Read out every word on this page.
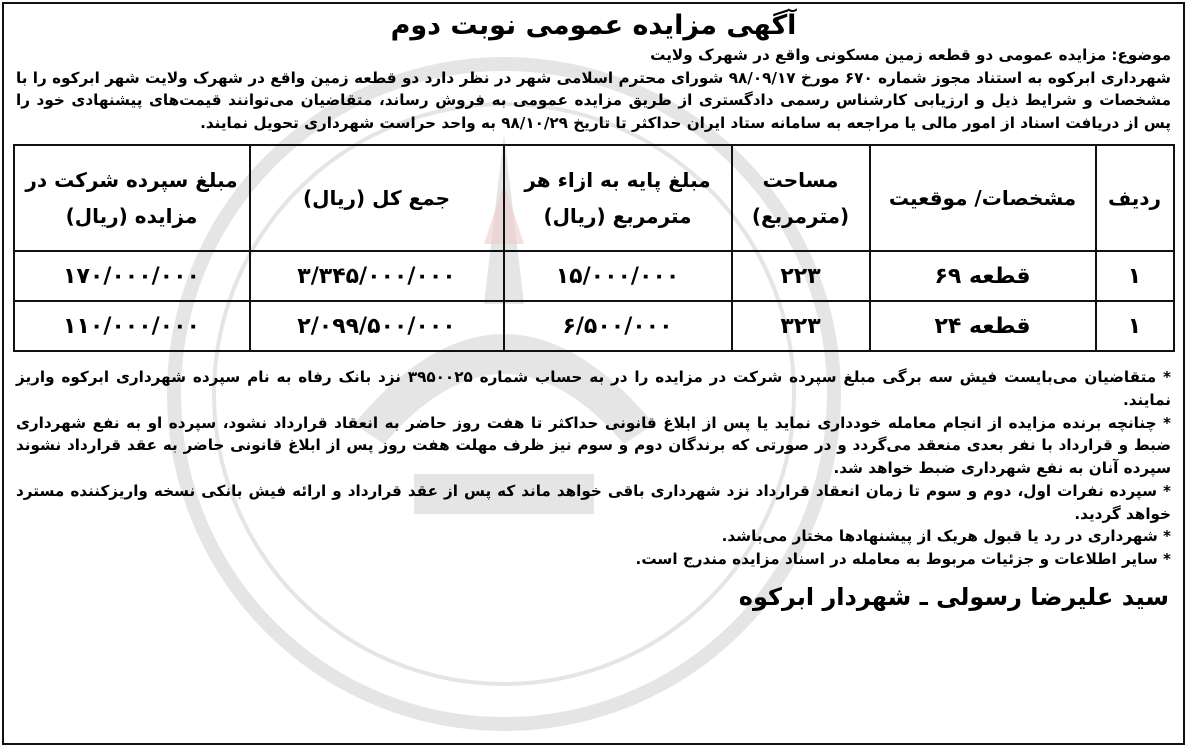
آگهی مزایده عمومی نوبت دوم

موضوع: مزایده عمومی دو قطعه زمین مسکونی واقع در شهرک ولایت

شهرداری ابرکوه به استناد مجوز شماره ۶۷۰ مورخ ۹۸/۰۹/۱۷ شورای محترم اسلامی شهر در نظر دارد دو قطعه زمین واقع در شهرک ولایت شهر ابرکوه را با مشخصات و شرایط ذیل و ارزیابی کارشناس رسمی دادگستری از طریق مزایده عمومی به فروش رساند، متقاضیان می‌توانند قیمت‌های پیشنهادی خود را پس از دریافت اسناد از امور مالی یا مراجعه به سامانه ستاد ایران حداکثر تا تاریخ ۹۸/۱۰/۲۹ به واحد حراست شهرداری تحویل نمایند.

ردیف	مشخصات/ موقعیت	مساحت (مترمربع)	مبلغ پایه به ازاء هر مترمربع (ریال)	جمع کل (ریال)	مبلغ سپرده شرکت در مزایده (ریال)
۱	قطعه ۶۹	۲۲۳	۱۵/۰۰۰/۰۰۰	۳/۳۴۵/۰۰۰/۰۰۰	۱۷۰/۰۰۰/۰۰۰
۱	قطعه ۲۴	۳۲۳	۶/۵۰۰/۰۰۰	۲/۰۹۹/۵۰۰/۰۰۰	۱۱۰/۰۰۰/۰۰۰
* متقاضیان می‌بایست فیش سه برگی مبلغ سپرده شرکت در مزایده را در به حساب شماره ۳۹۵۰۰۲۵ نزد بانک رفاه به نام سپرده شهرداری ابرکوه واریز نمایند.
* چنانچه برنده مزایده از انجام معامله خودداری نماید یا پس از ابلاغ قانونی حداکثر تا هفت روز حاضر به انعقاد قرارداد نشود، سپرده او به نفع شهرداری ضبط و قرارداد با نفر بعدی منعقد می‌گردد و در صورتی که برندگان دوم و سوم نیز ظرف مهلت هفت روز پس از ابلاغ قانونی حاضر به عقد قرارداد نشوند سپرده آنان به نفع شهرداری ضبط خواهد شد.
* سپرده نفرات اول، دوم و سوم تا زمان انعقاد قرارداد نزد شهرداری باقی خواهد ماند که پس از عقد قرارداد و ارائه فیش بانکی نسخه واریزکننده مسترد خواهد گردید.
* شهرداری در رد یا قبول هریک از پیشنهادها مختار می‌باشد.
* سایر اطلاعات و جزئیات مربوط به معامله در اسناد مزایده مندرج است.
سید علیرضا رسولی ـ شهردار ابرکوه
